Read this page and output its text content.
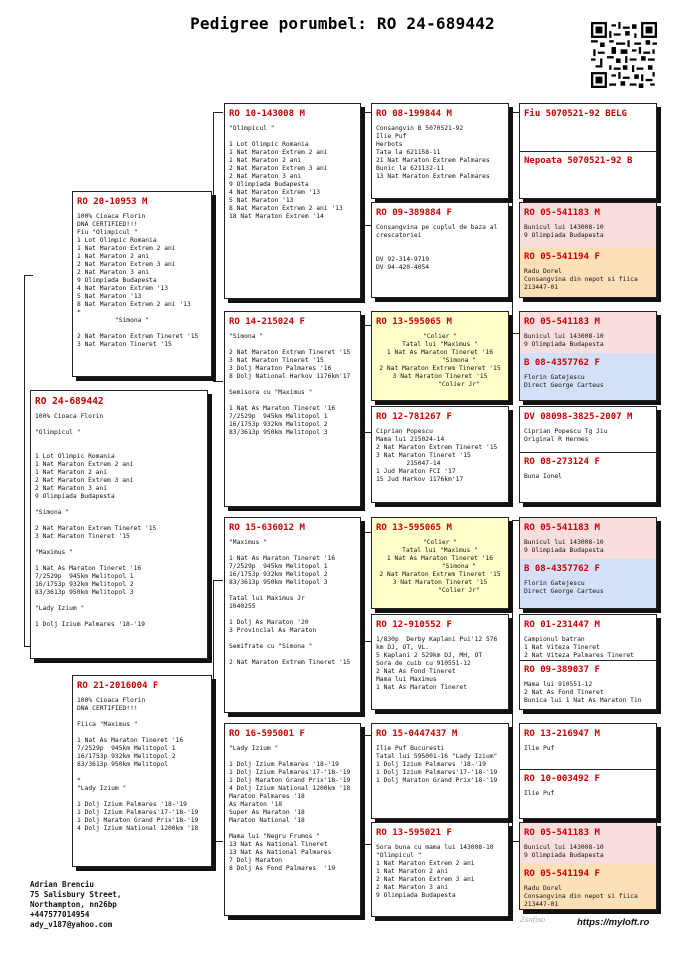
Pedigree porumbel: RO 24-689442
RO 24-689442
100% Cioaca Florin

"Olimpicul "

1 Lot Olimpic Romania
1 Nat Maraton Extrem 2 ani
1 Nat Maraton 2 ani
2 Nat Maraton Extrem 3 ani
2 Nat Maraton 3 ani
9 Olimpiada Budapesta

"Simona "

2 Nat Maraton Extrem Tineret '15
3 Nat Maraton Tineret '15

"Maximus "

1 Nat As Maraton Tineret '16
7/2529p  945km Melitopol 1
16/1753p 932km Melitopol 2
83/3613p 950km Melitopol 3

"Lady Izium "

1 Dolj Izium Palmares '18-'19
RO 20-10953 M
100% Cioaca Florin
DNA CERTIFIED!!!
Fiu "Olimpicul "
1 Lot Olimpic Romania
1 Nat Maraton Extrem 2 ani
1 Nat Maraton 2 ani
2 Nat Maraton Extrem 3 ani
2 Nat Maraton 3 ani
9 Olimpiada Budapesta
4 Nat Maraton Extrem '13
5 Nat Maraton '13
8 Nat Maraton Extrem 2 ani '13
*
"Simona "

2 Nat Maraton Extrem Tineret '15
3 Nat Maraton Tineret '15
RO 21-2016004 F
100% Cioaca Florin
DNA CERTIFIED!!!

Fiica "Maximus "

1 Nat As Maraton Tineret '16
7/2529p  945km Melitopol 1
16/1753p 932km Melitopol 2
83/3613p 950km Melitopol

*
"Lady Izium "

1 Dolj Izium Palmares '18-'19
1 Dolj Izium Palmares'17-'18-'19
1 Dolj Maraton Grand Prix'18-'19
4 Dolj Izium National 1200km '18
RO 10-143008 M
"Olimpicul "

1 Lot Olimpic Romania
1 Nat Maraton Extrem 2 ani
1 Nat Maraton 2 ani
2 Nat Maraton Extrem 3 ani
2 Nat Maraton 3 ani
9 Olimpiada Budapesta
4 Nat Maraton Extrem '13
5 Nat Maraton '13
8 Nat Maraton Extrem 2 ani '13
18 Nat Maraton Extrem '14
RO 14-215024 F
"Simona "

2 Nat Maraton Extrem Tineret '15
3 Nat Maraton Tineret '15
3 Dolj Maraton Palmares '16
8 Dolj National Harkov 1176km'17

Semisora cu "Maximus "

1 Nat As Maraton Tineret '16
7/2529p  945km Melitopol 1
16/1753p 932km Melitopol 2
83/3613p 950km Melitopol 3
RO 15-636012 M
"Maximus "

1 Nat As Maraton Tineret '16
7/2529p  945km Melitopol 1
16/1753p 932km Melitopol 2
83/3613p 950km Melitopol 3

Tatal lui Maximus Jr
1040255

1 Dolj As Maraton '20
3 Provincial As Maraton

Semifrate cu "Simona "

2 Nat Maraton Extrem Tineret '15
RO 16-595001 F
"Lady Izium "

1 Dolj Izium Palmares '18-'19
1 Dolj Izium Palmares'17-'18-'19
1 Dolj Maraton Grand Prix'18-'19
4 Dolj Izium National 1200km '18
Maraton Palmares '18
As Maraton '18
Super As Maraton '18
Maraton National '18

Mama lui "Negru Frumos "
13 Nat As National Tineret
13 Nat As National Palmares
7 Dolj Maraton
8 Dolj As Fond Palmares  '19
RO 08-199844 M
Consangvin B 5070521-92
Ilie Puf
Herbots
Tata la 621158-11
21 Nat Maraton Extrem Palmares
Bunic la 621132-11
13 Nat Maraton Extrem Palmares
RO 09-389884 F
Consangvina pe cuplul de baza al
crescatoriei

DV 92-314-9719
DV 94-420-4054
RO 13-595065 M
"Colier "
Tatal lui "Maximus "
1 Nat As Maraton Tineret '16
"Simona "
2 Nat Maraton Extrem Tineret '15
3 Nat Maraton Tineret '15
"Colier Jr"
RO 12-781267 F
Ciprian Popescu
Mama lui 215024-14
2 Nat Maraton Extrem Tineret '15
3 Nat Maraton Tineret '15
215047-14
1 Jud Maraton FCI '17
15 Jud Harkov 1176km'17
RO 13-595065 M
"Colier "
Tatal lui "Maximus "
1 Nat As Maraton Tineret '16
"Simona "
2 Nat Maraton Extrem Tineret '15
3 Nat Maraton Tineret '15
"Colier Jr"
RO 12-910552 F
1/830p  Derby Kaplani Pui'12 576
km DJ, OT, VL.
5 Kaplani 2 529km DJ, MH, OT
Sora de cuib cu 910551-12
2 Nat As Fond Tineret
Mama lui Maximus
1 Nat As Maraton Tineret
RO 15-0447437 M
Ilie Puf Bucuresti
Tatal lui 595001-16 "Lady Izium"
1 Dolj Izium Palmares '18-'19
1 Dolj Izium Palmares'17-'18-'19
1 Dolj Maraton Grand Prix'18-'19
RO 13-595021 F
Sora buna cu mama lui 143008-10
"Olimpicul "
1 Nat Maraton Extrem 2 ani
1 Nat Maraton 2 ani
2 Nat Maraton Extrem 3 ani
2 Nat Maraton 3 ani
9 Olimpiada Budapesta
Fiu 5070521-92 BELG
Nepoata 5070521-92 B
RO 05-541183 M
Bunicul lui 143008-10
9 Olimpiada Budapesta
RO 05-541194 F
Radu Dorel
Consangvina din nepot si fiica
213447-01
RO 05-541183 M
Bunicul lui 143008-10
9 Olimpiada Budapesta
B 08-4357762 F
Florin Gatejescu
Direct George Carteus
DV 08098-3825-2007 M
Ciprian Popescu Tg Jiu
Original R Hermes
RO 08-273124 F
Buna Ionel
RO 05-541183 M
Bunicul lui 143008-10
9 Olimpiada Budapesta
B 08-4357762 F
Florin Gatejescu
Direct George Carteus
RO 01-231447 M
Campionul batran
1 Nat Viteza Tineret
2 Nat Viteza Palmares Tineret
RO 09-389037 F
Mama lui 910551-12
2 Nat As Fond Tineret
Bunica lui 1 Nat As Maraton Tin
RO 13-216947 M
Ilie Puf
RO 10-003492 F
Ilie Puf
RO 05-541183 M
Bunicul lui 143008-10
9 Olimpiada Budapesta
RO 05-541194 F
Radu Dorel
Consangvina din nepot si fiica
213447-01
Adrian Brenciu
75 Salisbury Street,
Northampton, nn26bp
+447577014954
ady_v187@yahoo.com	Zsofiso	https://myloft.ro
